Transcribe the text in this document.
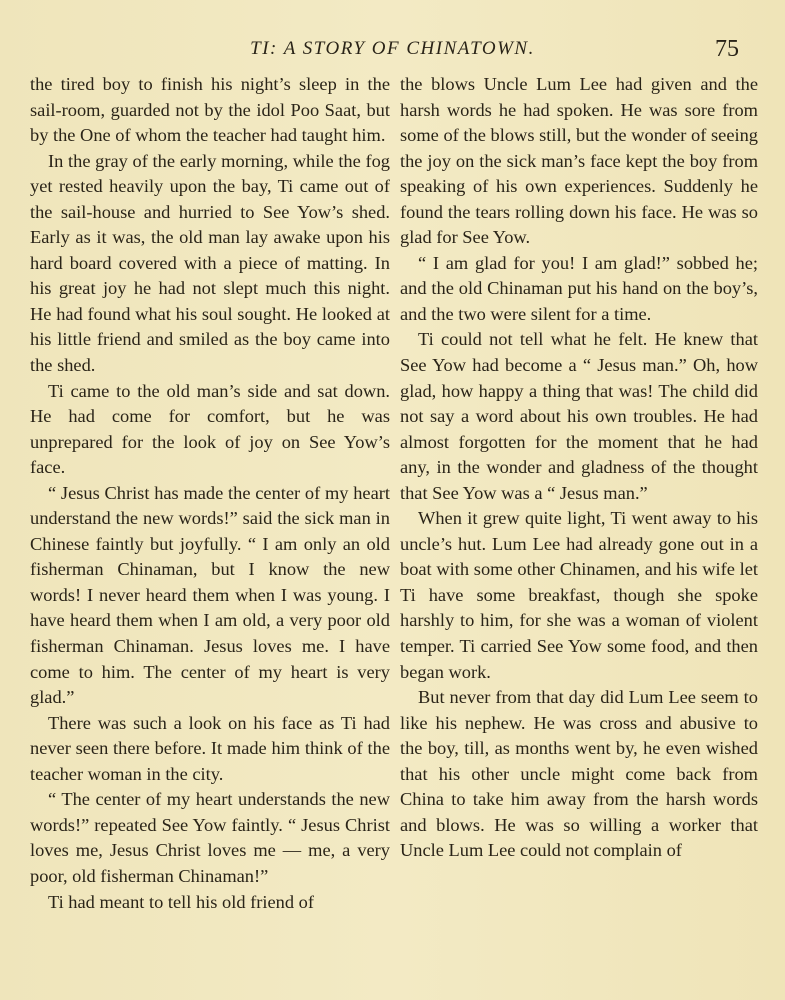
TI: A STORY OF CHINATOWN.	75

the tired boy to finish his night’s sleep in the sail-room, guarded not by the idol Poo Saat, but by the One of whom the teacher had taught him.

In the gray of the early morning, while the fog yet rested heavily upon the bay, Ti came out of the sail-house and hurried to See Yow’s shed. Early as it was, the old man lay awake upon his hard board covered with a piece of matting. In his great joy he had not slept much this night. He had found what his soul sought. He looked at his little friend and smiled as the boy came into the shed.

Ti came to the old man’s side and sat down. He had come for comfort, but he was unprepared for the look of joy on See Yow’s face.

“ Jesus Christ has made the center of my heart understand the new words!” said the sick man in Chinese faintly but joyfully. “ I am only an old fisherman Chinaman, but I know the new words! I never heard them when I was young. I have heard them when I am old, a very poor old fisherman Chinaman. Jesus loves me. I have come to him. The center of my heart is very glad.”

There was such a look on his face as Ti had never seen there before. It made him think of the teacher woman in the city.

“ The center of my heart understands the new words!” repeated See Yow faintly. “ Jesus Christ loves me, Jesus Christ loves me — me, a very poor, old fisherman Chinaman!”

Ti had meant to tell his old friend of

the blows Uncle Lum Lee had given and the harsh words he had spoken. He was sore from some of the blows still, but the wonder of seeing the joy on the sick man’s face kept the boy from speaking of his own experiences. Suddenly he found the tears rolling down his face. He was so glad for See Yow.

“ I am glad for you! I am glad!” sobbed he; and the old Chinaman put his hand on the boy’s, and the two were silent for a time.

Ti could not tell what he felt. He knew that See Yow had become a “ Jesus man.” Oh, how glad, how happy a thing that was! The child did not say a word about his own troubles. He had almost forgotten for the moment that he had any, in the wonder and gladness of the thought that See Yow was a “ Jesus man.”

When it grew quite light, Ti went away to his uncle’s hut. Lum Lee had already gone out in a boat with some other Chinamen, and his wife let Ti have some breakfast, though she spoke harshly to him, for she was a woman of violent temper. Ti carried See Yow some food, and then began work.

But never from that day did Lum Lee seem to like his nephew. He was cross and abusive to the boy, till, as months went by, he even wished that his other uncle might come back from China to take him away from the harsh words and blows. He was so willing a worker that Uncle Lum Lee could not complain of
